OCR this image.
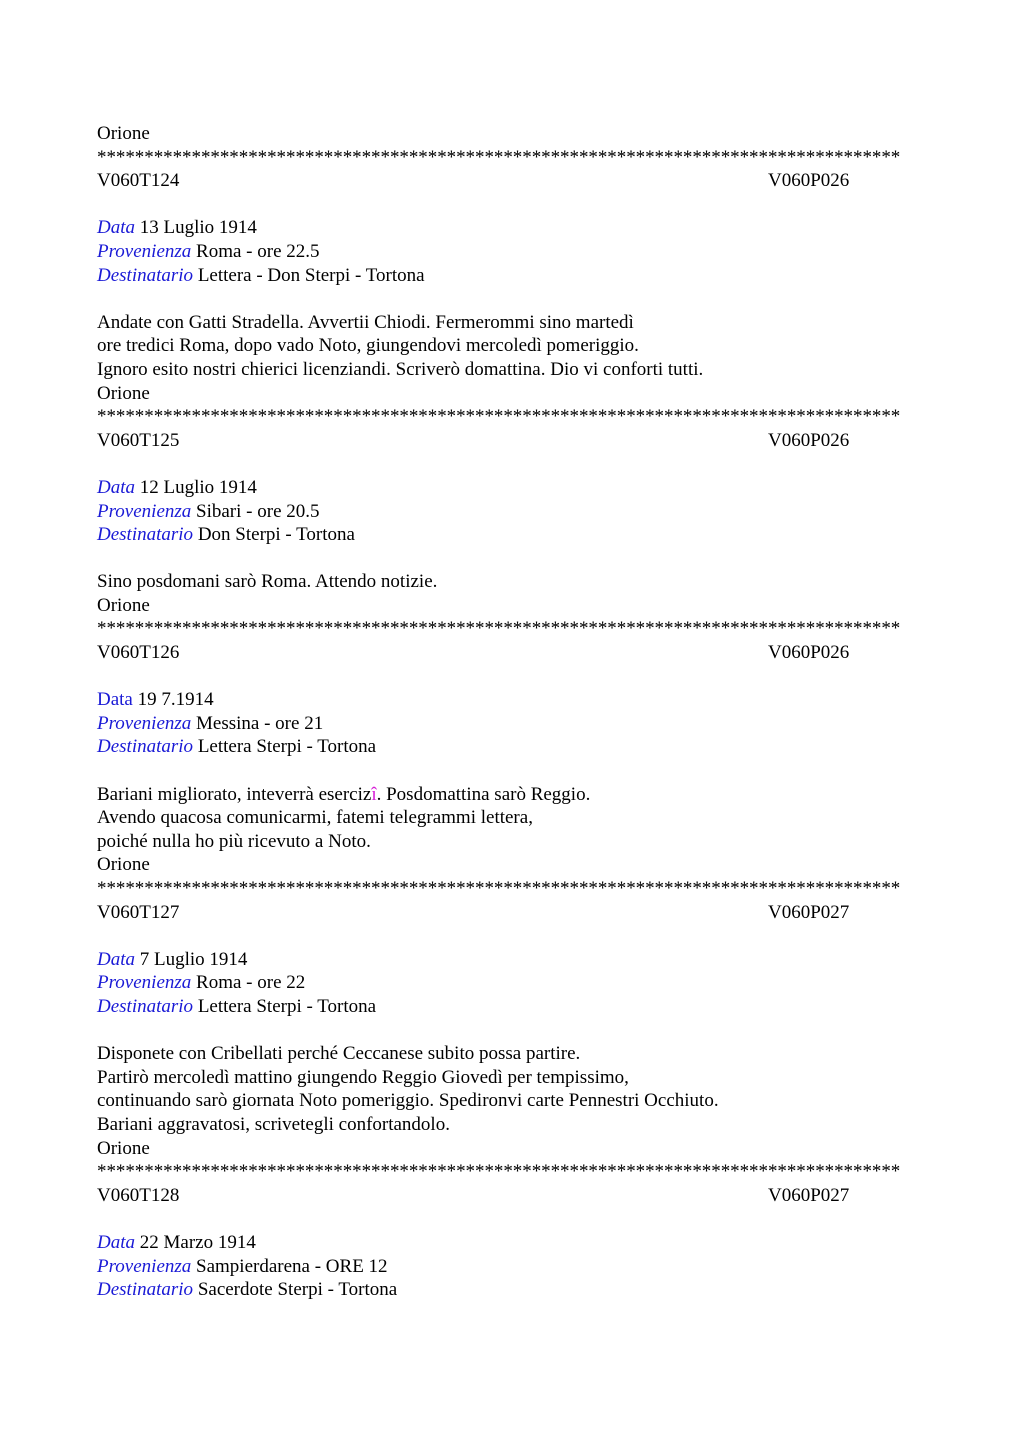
Orione
*************************************************************************************
V060T124	V060P026
Data 13 Luglio 1914
Provenienza Roma - ore 22.5
Destinatario Lettera - Don Sterpi - Tortona
Andate con Gatti Stradella. Avvertii Chiodi. Fermerommi sino martedì
ore tredici Roma, dopo vado Noto, giungendovi mercoledì pomeriggio.
Ignoro esito nostri chierici licenziandi. Scriverò domattina. Dio vi conforti tutti.
Orione
*************************************************************************************
V060T125	V060P026
Data 12 Luglio 1914
Provenienza Sibari - ore 20.5
Destinatario Don Sterpi - Tortona
Sino posdomani sarò Roma. Attendo notizie.
Orione
*************************************************************************************
V060T126	V060P026
Data 19 7.1914
Provenienza Messina - ore 21
Destinatario Lettera Sterpi - Tortona
Bariani migliorato, inteverrà esercizî. Posdomattina sarò Reggio.
Avendo quacosa comunicarmi, fatemi telegrammi lettera,
poiché nulla ho più ricevuto a Noto.
Orione
*************************************************************************************
V060T127	V060P027
Data 7 Luglio 1914
Provenienza Roma - ore 22
Destinatario Lettera Sterpi - Tortona
Disponete con Cribellati perché Ceccanese subito possa partire.
Partirò mercoledì mattino giungendo Reggio Giovedì per tempissimo,
continuando sarò giornata Noto pomeriggio. Spedironvi carte Pennestri Occhiuto.
Bariani aggravatosi, scrivetegli confortandolo.
Orione
*************************************************************************************
V060T128	V060P027
Data 22 Marzo 1914
Provenienza Sampierdarena - ORE 12
Destinatario Sacerdote Sterpi - Tortona
